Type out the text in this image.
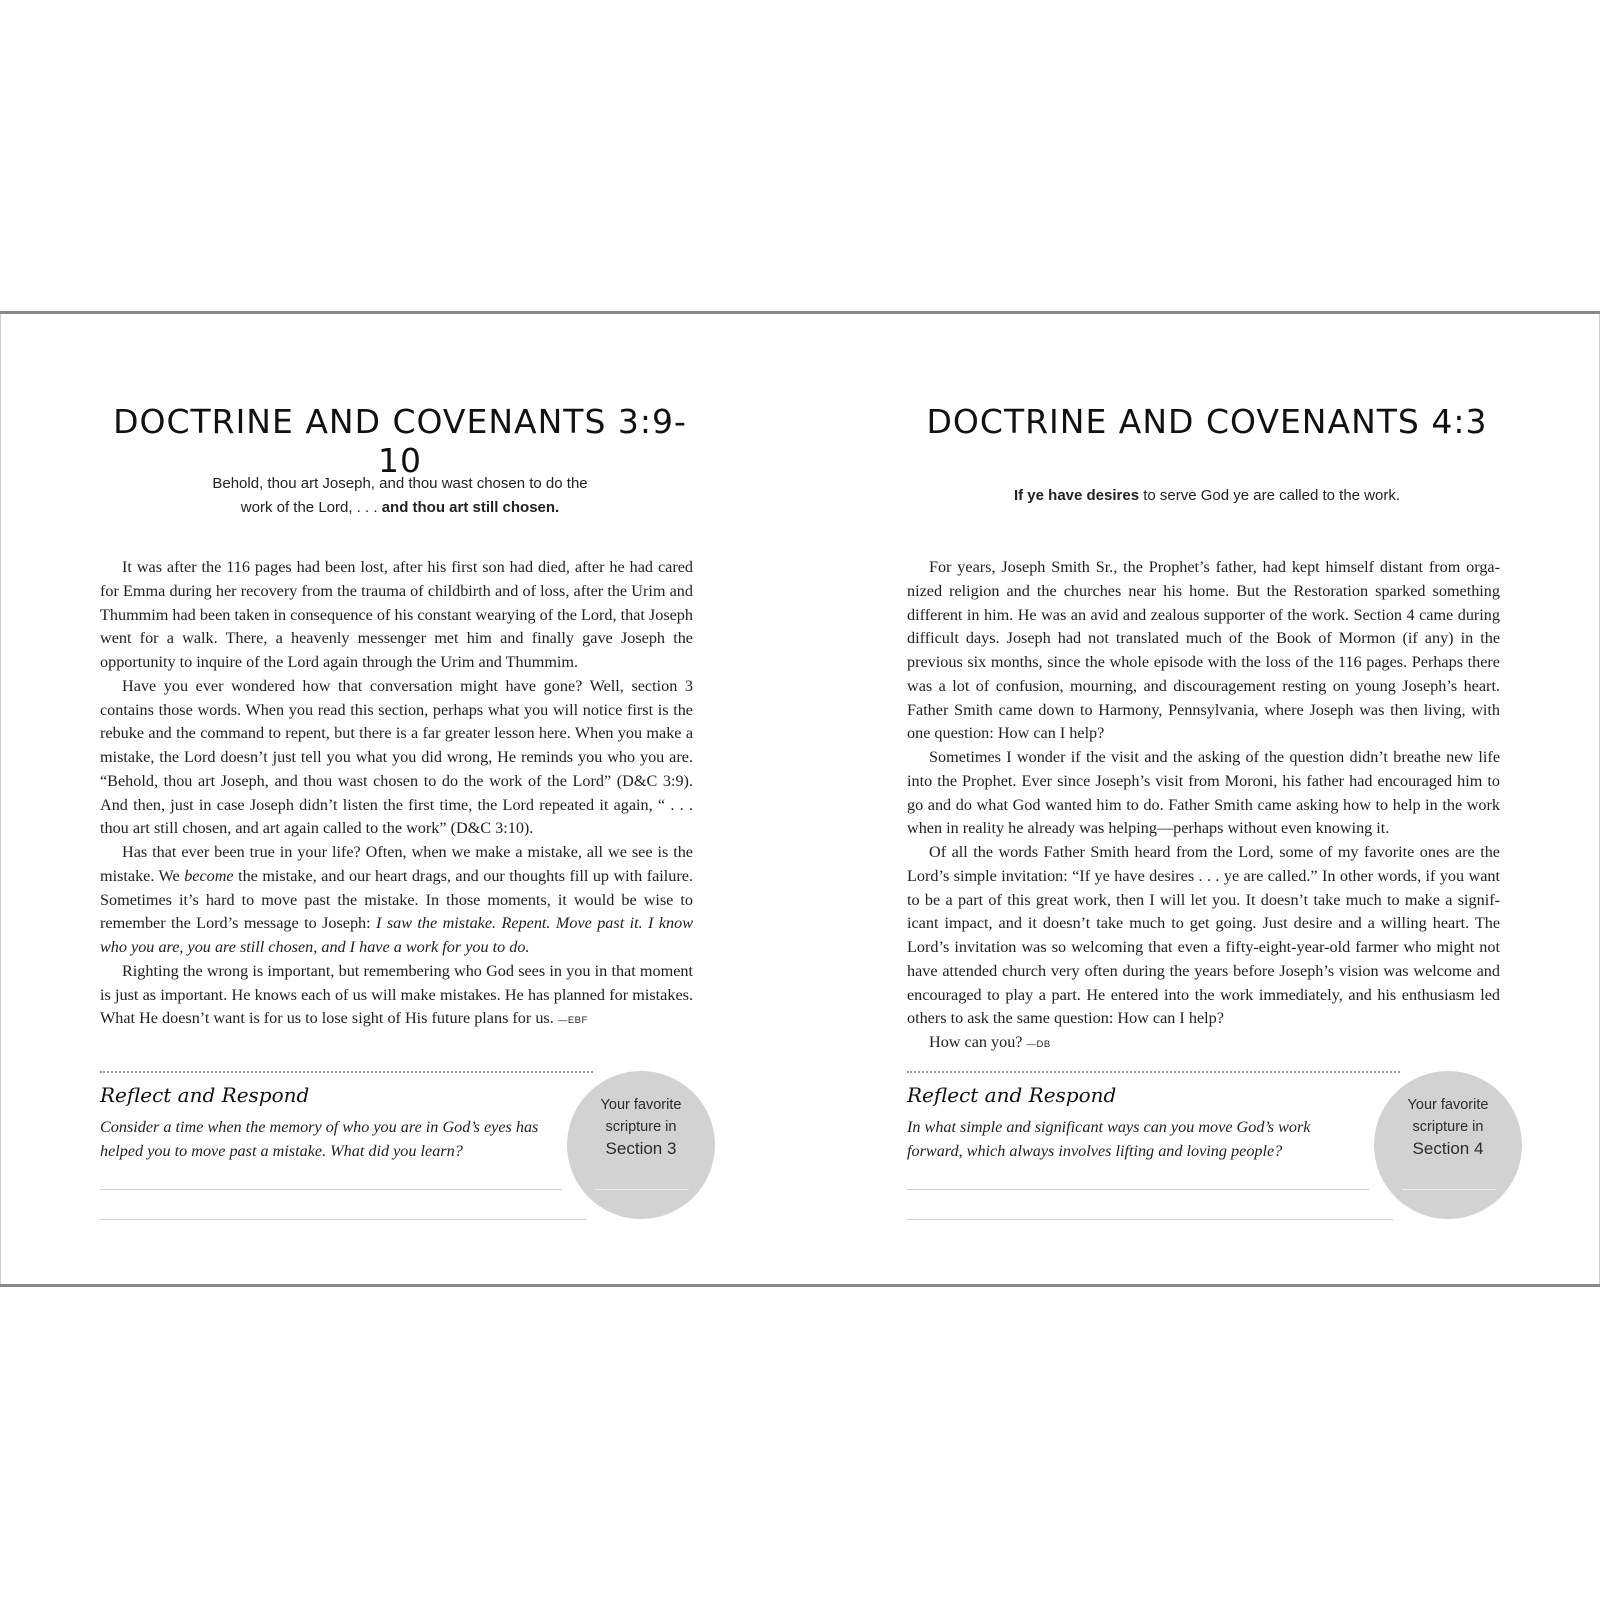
DOCTRINE AND COVENANTS 3:9-10
Behold, thou art Joseph, and thou wast chosen to do the
work of the Lord, . . . and thou art still chosen.

It was after the 116 pages had been lost, after his first son had died, after he had cared for Emma during her recovery from the trauma of childbirth and of loss, after the Urim and Thummim had been taken in consequence of his constant wearying of the Lord, that Joseph went for a walk. There, a heavenly messenger met him and finally gave Joseph the opportunity to inquire of the Lord again through the Urim and Thummim.

Have you ever wondered how that conversation might have gone? Well, section 3 contains those words. When you read this section, perhaps what you will notice first is the rebuke and the command to repent, but there is a far greater lesson here. When you make a mistake, the Lord doesn’t just tell you what you did wrong, He reminds you who you are. “Behold, thou art Joseph, and thou wast chosen to do the work of the Lord” (D&C 3:9). And then, just in case Joseph didn’t listen the first time, the Lord repeated it again, “ . . . thou art still chosen, and art again called to the work” (D&C 3:10).

Has that ever been true in your life? Often, when we make a mistake, all we see is the mistake. We become the mistake, and our heart drags, and our thoughts fill up with failure. Sometimes it’s hard to move past the mistake. In those moments, it would be wise to remember the Lord’s message to Joseph: I saw the mistake. Repent. Move past it. I know who you are, you are still chosen, and I have a work for you to do.

Righting the wrong is important, but remembering who God sees in you in that moment is just as important. He knows each of us will make mistakes. He has planned for mistakes. What He doesn’t want is for us to lose sight of His future plans for us. —EBF

Reflect and Respond

Consider a time when the memory of who you are in God’s eyes has helped you to move past a mistake. What did you learn?

Your favorite
scripture in
Section 3
DOCTRINE AND COVENANTS 4:3
If ye have desires to serve God ye are called to the work.

For years, Joseph Smith Sr., the Prophet’s father, had kept himself distant from organized religion and the churches near his home. But the Restoration sparked something different in him. He was an avid and zealous supporter of the work. Section 4 came during difficult days. Joseph had not translated much of the Book of Mormon (if any) in the previous six months, since the whole episode with the loss of the 116 pages. Perhaps there was a lot of confusion, mourning, and discouragement resting on young Joseph’s heart. Father Smith came down to Harmony, Pennsylvania, where Joseph was then living, with one question: How can I help?

Sometimes I wonder if the visit and the asking of the question didn’t breathe new life into the Prophet. Ever since Joseph’s visit from Moroni, his father had encouraged him to go and do what God wanted him to do. Father Smith came asking how to help in the work when in reality he already was helping—perhaps without even knowing it.

Of all the words Father Smith heard from the Lord, some of my favorite ones are the Lord’s simple invitation: “If ye have desires . . . ye are called.” In other words, if you want to be a part of this great work, then I will let you. It doesn’t take much to make a significant impact, and it doesn’t take much to get going. Just desire and a willing heart. The Lord’s invitation was so welcoming that even a fifty-eight-year-old farmer who might not have attended church very often during the years before Joseph’s vision was welcome and encouraged to play a part. He entered into the work immediately, and his enthusiasm led others to ask the same question: How can I help?

How can you? —DB

Reflect and Respond

In what simple and significant ways can you move God’s work forward, which always involves lifting and loving people?

Your favorite
scripture in
Section 4
